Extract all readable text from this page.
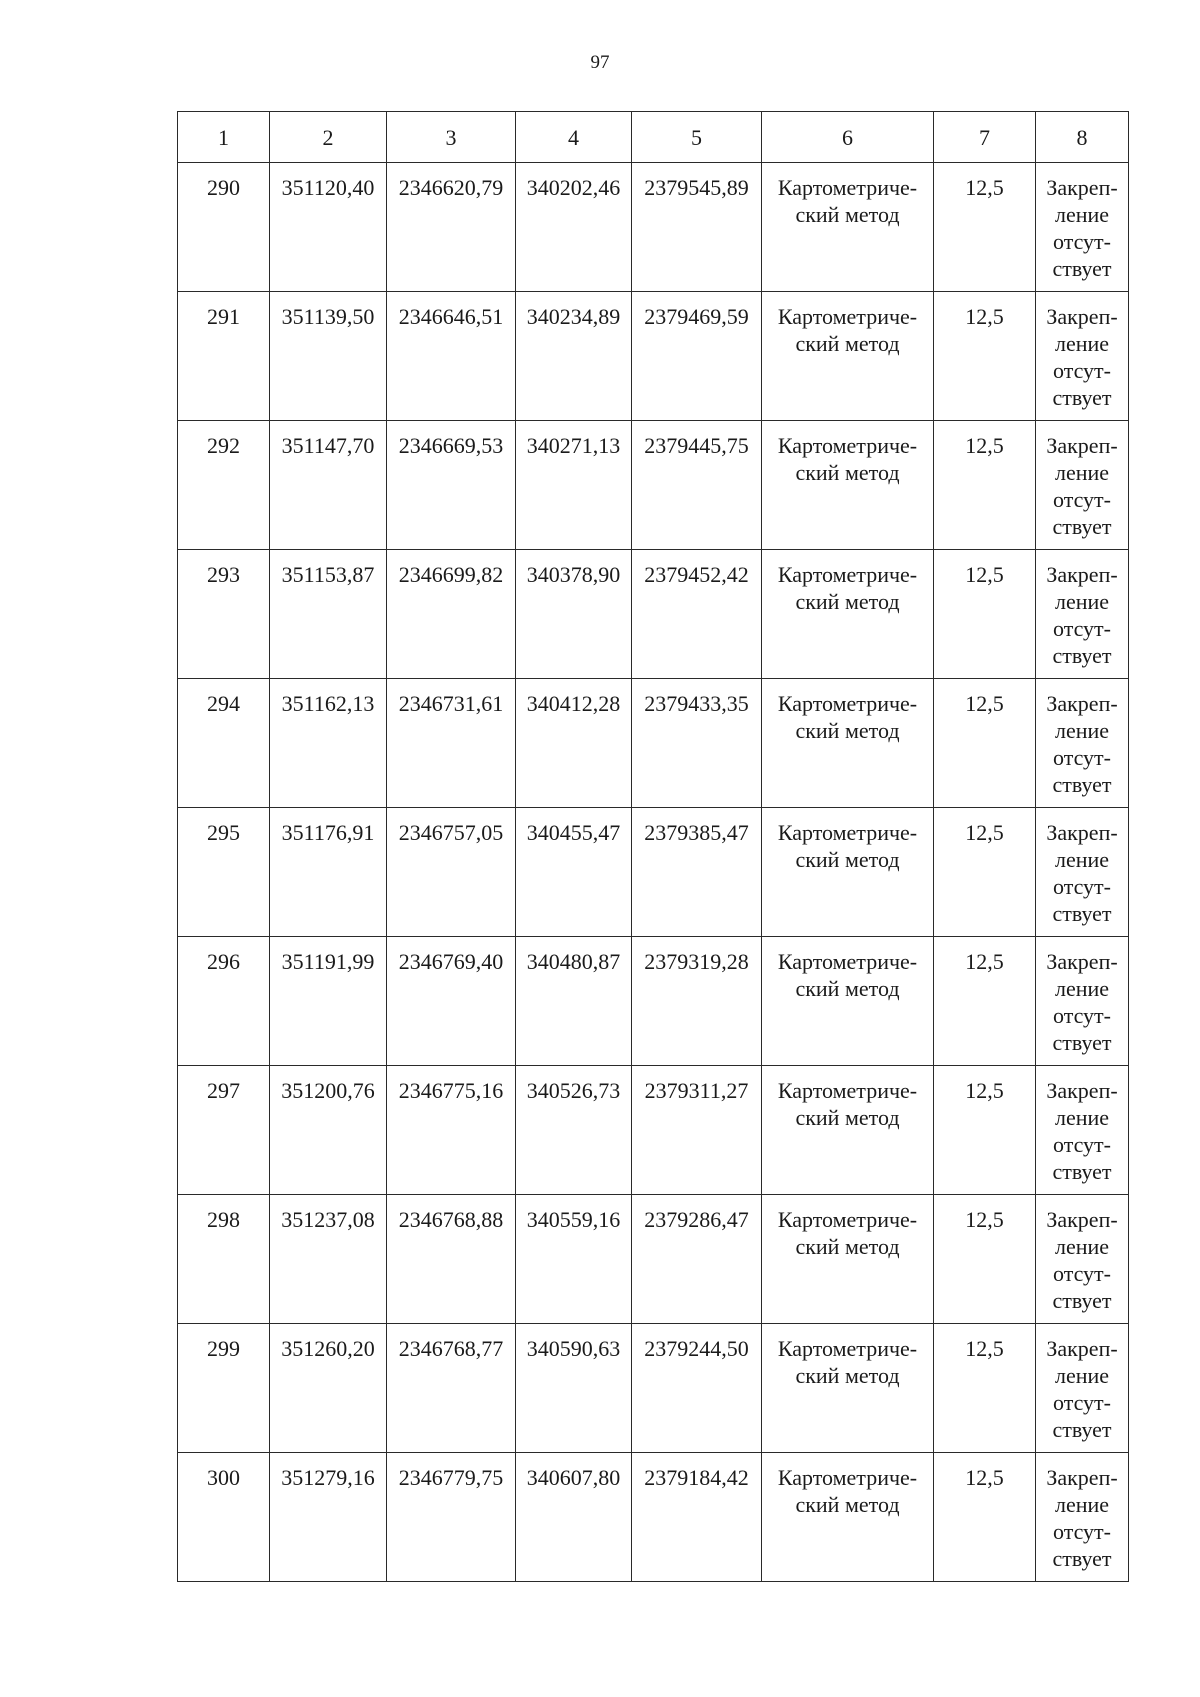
97
1	2	3	4	5	6	7	8
290	351120,40	2346620,79	340202,46	2379545,89	Картометриче-ский метод	12,5	Закреп-ление отсут-ствует
291	351139,50	2346646,51	340234,89	2379469,59	Картометриче-ский метод	12,5	Закреп-ление отсут-ствует
292	351147,70	2346669,53	340271,13	2379445,75	Картометриче-ский метод	12,5	Закреп-ление отсут-ствует
293	351153,87	2346699,82	340378,90	2379452,42	Картометриче-ский метод	12,5	Закреп-ление отсут-ствует
294	351162,13	2346731,61	340412,28	2379433,35	Картометриче-ский метод	12,5	Закреп-ление отсут-ствует
295	351176,91	2346757,05	340455,47	2379385,47	Картометриче-ский метод	12,5	Закреп-ление отсут-ствует
296	351191,99	2346769,40	340480,87	2379319,28	Картометриче-ский метод	12,5	Закреп-ление отсут-ствует
297	351200,76	2346775,16	340526,73	2379311,27	Картометриче-ский метод	12,5	Закреп-ление отсут-ствует
298	351237,08	2346768,88	340559,16	2379286,47	Картометриче-ский метод	12,5	Закреп-ление отсут-ствует
299	351260,20	2346768,77	340590,63	2379244,50	Картометриче-ский метод	12,5	Закреп-ление отсут-ствует
300	351279,16	2346779,75	340607,80	2379184,42	Картометриче-ский метод	12,5	Закреп-ление отсут-ствует
